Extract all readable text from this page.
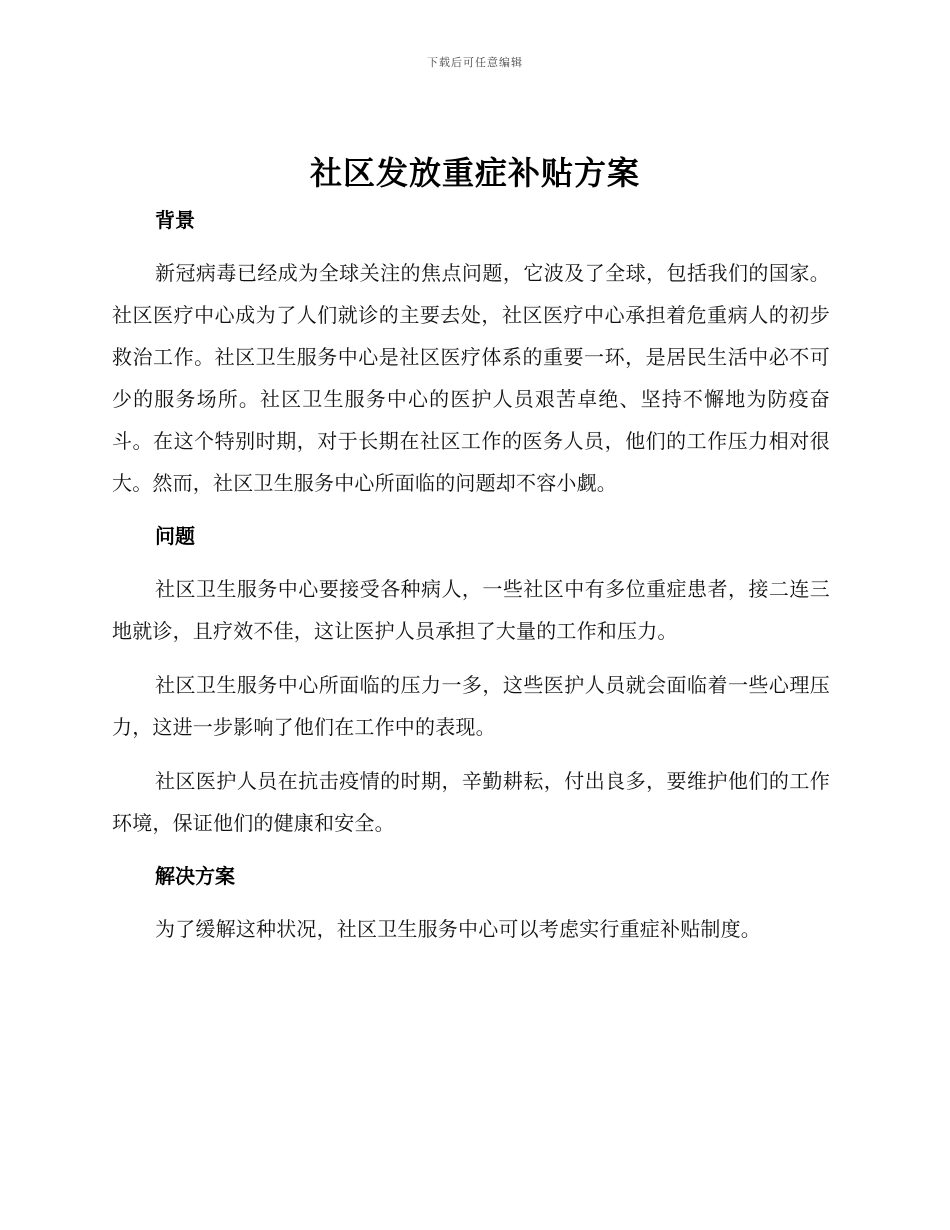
下载后可任意编辑
社区发放重症补贴方案
背景

新冠病毒已经成为全球关注的焦点问题，它波及了全球，包括我们的国家。社区医疗中心成为了人们就诊的主要去处，社区医疗中心承担着危重病人的初步救治工作。社区卫生服务中心是社区医疗体系的重要一环，是居民生活中必不可少的服务场所。社区卫生服务中心的医护人员艰苦卓绝、坚持不懈地为防疫奋斗。在这个特别时期，对于长期在社区工作的医务人员，他们的工作压力相对很大。然而，社区卫生服务中心所面临的问题却不容小觑。

问题

社区卫生服务中心要接受各种病人，一些社区中有多位重症患者，接二连三地就诊，且疗效不佳，这让医护人员承担了大量的工作和压力。

社区卫生服务中心所面临的压力一多，这些医护人员就会面临着一些心理压力，这进一步影响了他们在工作中的表现。

社区医护人员在抗击疫情的时期，辛勤耕耘，付出良多，要维护他们的工作环境，保证他们的健康和安全。

解决方案

为了缓解这种状况，社区卫生服务中心可以考虑实行重症补贴制度。
